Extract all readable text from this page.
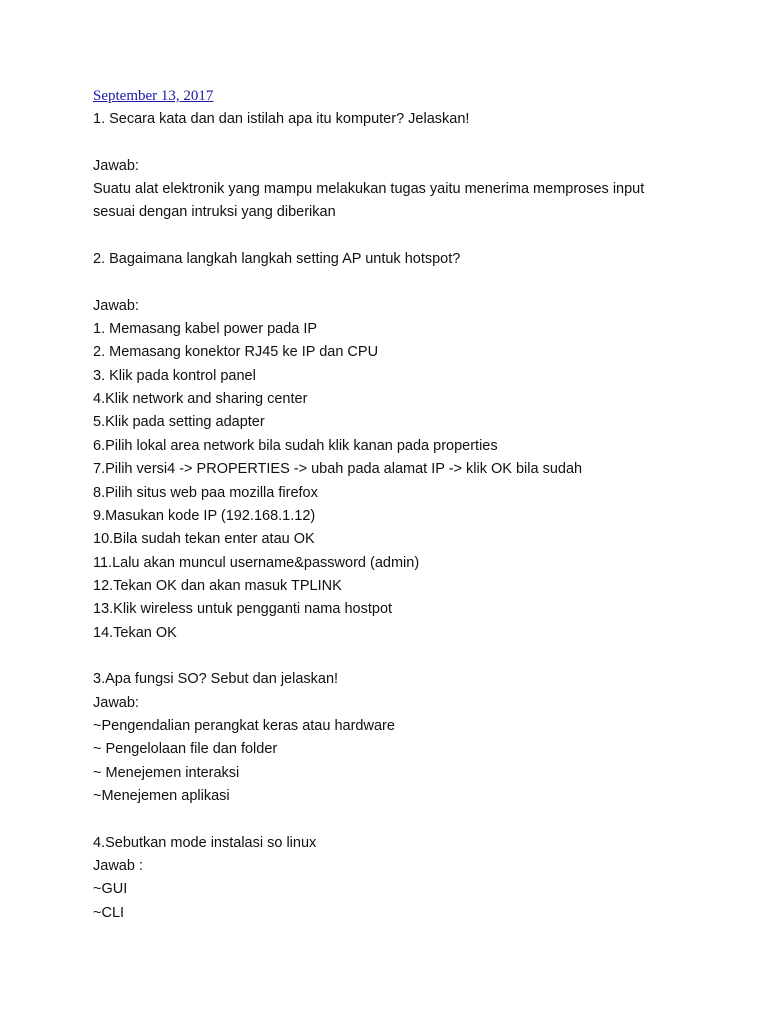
September 13, 2017
1. Secara kata dan dan istilah apa itu komputer? Jelaskan!
Jawab:
Suatu alat elektronik yang mampu melakukan tugas yaitu menerima memproses input
sesuai dengan intruksi yang diberikan
2. Bagaimana langkah langkah setting AP untuk hotspot?
Jawab:
1. Memasang kabel power pada IP
2. Memasang konektor RJ45 ke IP dan CPU
3. Klik pada kontrol panel
4.Klik network and sharing center
5.Klik pada setting adapter
6.Pilih lokal area network bila sudah klik kanan pada properties
7.Pilih versi4 -> PROPERTIES -> ubah pada alamat IP -> klik OK bila sudah
8.Pilih situs web paa mozilla firefox
9.Masukan kode IP (192.168.1.12)
10.Bila sudah tekan enter atau OK
11.Lalu akan muncul username&password (admin)
12.Tekan OK dan akan masuk TPLINK
13.Klik wireless untuk pengganti nama hostpot
14.Tekan OK
3.Apa fungsi SO? Sebut dan jelaskan!
Jawab:
~Pengendalian perangkat keras atau hardware
~ Pengelolaan file dan folder
~ Menejemen interaksi
~Menejemen aplikasi
4.Sebutkan mode instalasi so linux
Jawab :
~GUI
~CLI
